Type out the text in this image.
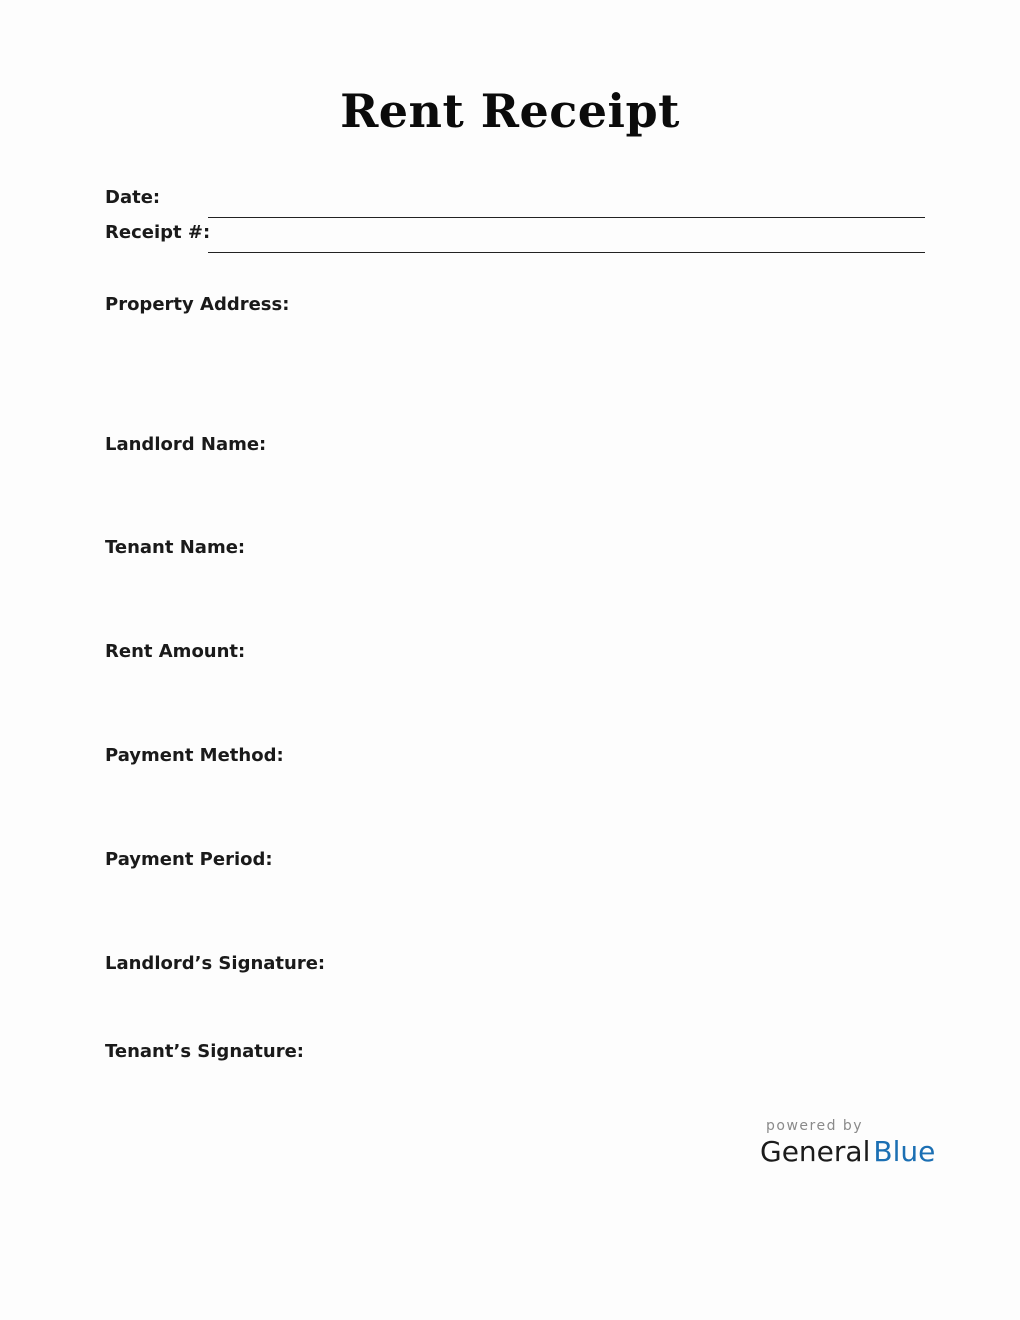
Rent Receipt
Date:
Receipt #:
Property Address:
Landlord Name:
Tenant Name:
Rent Amount:
Payment Method:
Payment Period:
Landlord’s Signature:
Tenant’s Signature:
powered by
General Blue
